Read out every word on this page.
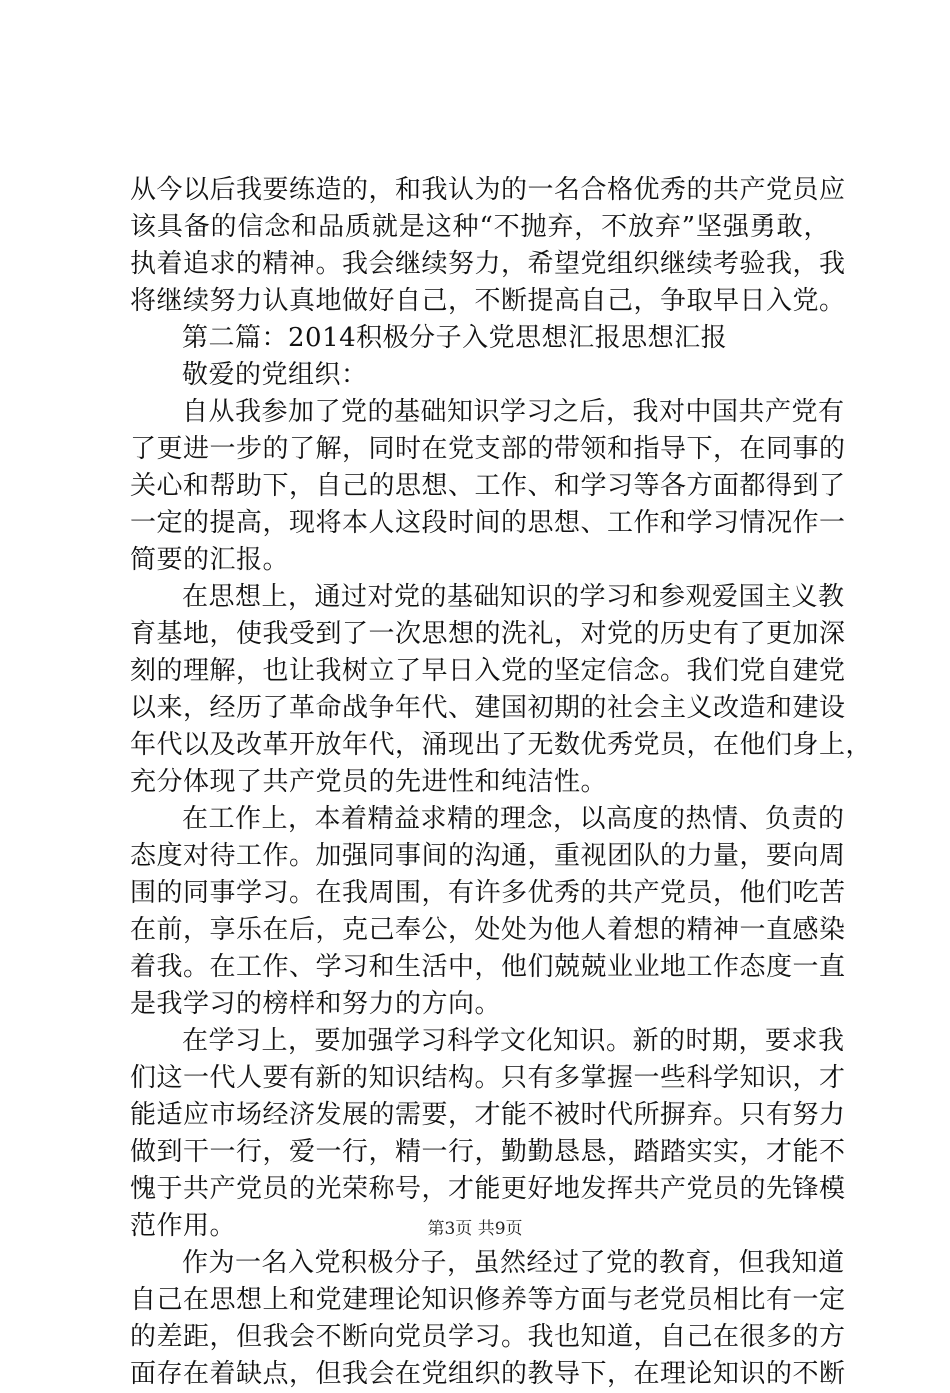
从今以后我要练造的，和我认为的一名合格优秀的共产党员应
该具备的信念和品质就是这种“不抛弃，不放弃”坚强勇敢，
执着追求的精神。我会继续努力，希望党组织继续考验我，我
将继续努力认真地做好自己，不断提高自己，争取早日入党。
第二篇：2014积极分子入党思想汇报思想汇报
敬爱的党组织：
自从我参加了党的基础知识学习之后，我对中国共产党有
了更进一步的了解，同时在党支部的带领和指导下，在同事的
关心和帮助下，自己的思想、工作、和学习等各方面都得到了
一定的提高，现将本人这段时间的思想、工作和学习情况作一
简要的汇报。
在思想上，通过对党的基础知识的学习和参观爱国主义教
育基地，使我受到了一次思想的洗礼，对党的历史有了更加深
刻的理解，也让我树立了早日入党的坚定信念。我们党自建党
以来，经历了革命战争年代、建国初期的社会主义改造和建设
年代以及改革开放年代，涌现出了无数优秀党员，在他们身上，
充分体现了共产党员的先进性和纯洁性。
在工作上，本着精益求精的理念，以高度的热情、负责的
态度对待工作。加强同事间的沟通，重视团队的力量，要向周
围的同事学习。在我周围，有许多优秀的共产党员，他们吃苦
在前，享乐在后，克己奉公，处处为他人着想的精神一直感染
着我。在工作、学习和生活中，他们兢兢业业地工作态度一直
是我学习的榜样和努力的方向。
在学习上，要加强学习科学文化知识。新的时期，要求我
们这一代人要有新的知识结构。只有多掌握一些科学知识，才
能适应市场经济发展的需要，才能不被时代所摒弃。只有努力
做到干一行，爱一行，精一行，勤勤恳恳，踏踏实实，才能不
愧于共产党员的光荣称号，才能更好地发挥共产党员的先锋模
范作用。
作为一名入党积极分子，虽然经过了党的教育，但我知道
自己在思想上和党建理论知识修养等方面与老党员相比有一定
的差距，但我会不断向党员学习。我也知道，自己在很多的方
面存在着缺点，但我会在党组织的教导下，在理论知识的不断
第3页 共9页
